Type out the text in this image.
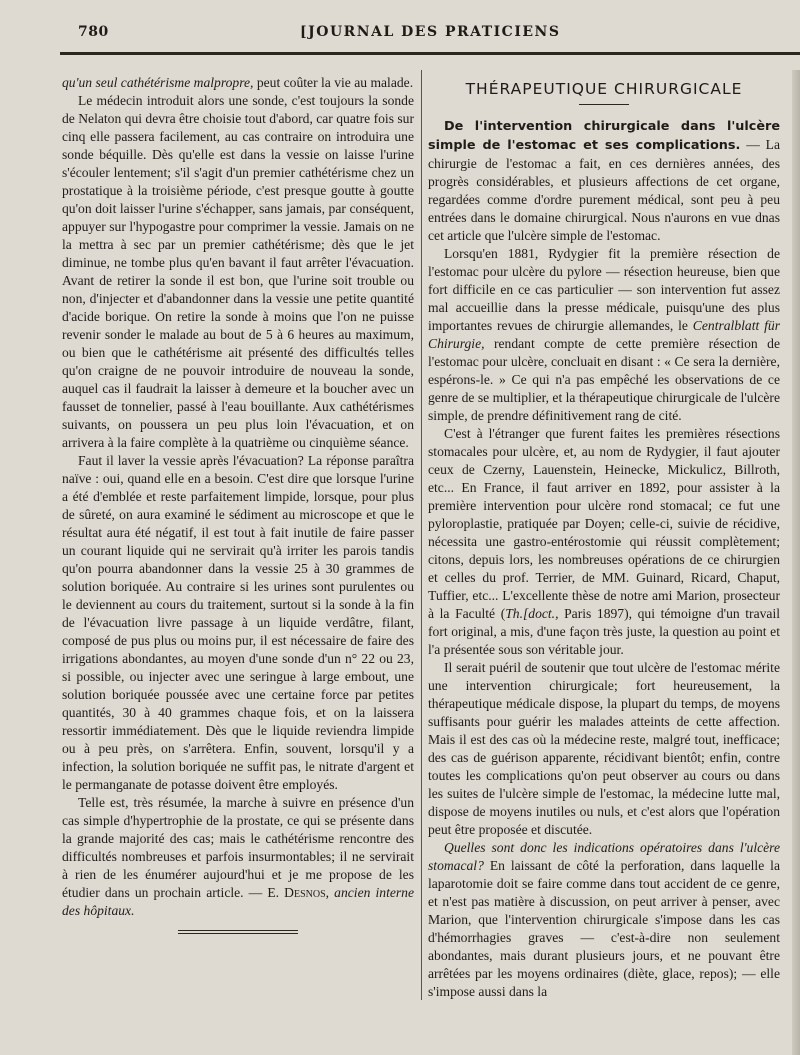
780	[JOURNAL DES PRATICIENS

qu'un seul cathétérisme malpropre, peut coûter la vie au malade.

Le médecin introduit alors une sonde, c'est toujours la sonde de Nelaton qui devra être choisie tout d'abord, car quatre fois sur cinq elle passera facilement, au cas contraire on introduira une sonde béquille. Dès qu'elle est dans la vessie on laisse l'urine s'écouler lentement; s'il s'agit d'un premier cathétérisme chez un prostatique à la troisième période, c'est presque goutte à goutte qu'on doit laisser l'urine s'échapper, sans jamais, par conséquent, appuyer sur l'hypogastre pour comprimer la vessie. Jamais on ne la mettra à sec par un premier cathétérisme; dès que le jet diminue, ne tombe plus qu'en bavant il faut arrêter l'évacuation. Avant de retirer la sonde il est bon, que l'urine soit trouble ou non, d'injecter et d'abandonner dans la vessie une petite quantité d'acide borique. On retire la sonde à moins que l'on ne puisse revenir sonder le malade au bout de 5 à 6 heures au maximum, ou bien que le cathétérisme ait présenté des difficultés telles qu'on craigne de ne pouvoir introduire de nouveau la sonde, auquel cas il faudrait la laisser à demeure et la boucher avec un fausset de tonnelier, passé à l'eau bouillante. Aux cathétérismes suivants, on poussera un peu plus loin l'évacuation, et on arrivera à la faire complète à la quatrième ou cinquième séance.

Faut il laver la vessie après l'évacuation? La réponse paraîtra naïve : oui, quand elle en a besoin. C'est dire que lorsque l'urine a été d'emblée et reste parfaitement limpide, lorsque, pour plus de sûreté, on aura examiné le sédiment au microscope et que le résultat aura été négatif, il est tout à fait inutile de faire passer un courant liquide qui ne servirait qu'à irriter les parois tandis qu'on pourra abandonner dans la vessie 25 à 30 grammes de solution boriquée. Au contraire si les urines sont purulentes ou le deviennent au cours du traitement, surtout si la sonde à la fin de l'évacuation livre passage à un liquide verdâtre, filant, composé de pus plus ou moins pur, il est nécessaire de faire des irrigations abondantes, au moyen d'une sonde d'un n° 22 ou 23, si possible, ou injecter avec une seringue à large embout, une solution boriquée poussée avec une certaine force par petites quantités, 30 à 40 grammes chaque fois, et on la laissera ressortir immédiatement. Dès que le liquide reviendra limpide ou à peu près, on s'arrêtera. Enfin, souvent, lorsqu'il y a infection, la solution boriquée ne suffit pas, le nitrate d'argent et le permanganate de potasse doivent être employés.

Telle est, très résumée, la marche à suivre en présence d'un cas simple d'hypertrophie de la prostate, ce qui se présente dans la grande majorité des cas; mais le cathétérisme rencontre des difficultés nombreuses et parfois insurmontables; il ne servirait à rien de les énumérer aujourd'hui et je me propose de les étudier dans un prochain article. — E. Desnos, ancien interne des hôpitaux.

THÉRAPEUTIQUE CHIRURGICALE

De l'intervention chirurgicale dans l'ulcère simple de l'estomac et ses complications. — La chirurgie de l'estomac a fait, en ces dernières années, des progrès considérables, et plusieurs affections de cet organe, regardées comme d'ordre purement médical, sont peu à peu entrées dans le domaine chirurgical. Nous n'aurons en vue dnas cet article que l'ulcère simple de l'estomac.

Lorsqu'en 1881, Rydygier fit la première résection de l'estomac pour ulcère du pylore — résection heureuse, bien que fort difficile en ce cas particulier — son intervention fut assez mal accueillie dans la presse médicale, puisqu'une des plus importantes revues de chirurgie allemandes, le Centralblatt für Chirurgie, rendant compte de cette première résection de l'estomac pour ulcère, concluait en disant : « Ce sera la dernière, espérons-le. » Ce qui n'a pas empêché les observations de ce genre de se multiplier, et la thérapeutique chirurgicale de l'ulcère simple, de prendre définitivement rang de cité.

C'est à l'étranger que furent faites les premières résections stomacales pour ulcère, et, au nom de Rydygier, il faut ajouter ceux de Czerny, Lauenstein, Heinecke, Mickulicz, Billroth, etc... En France, il faut arriver en 1892, pour assister à la première intervention pour ulcère rond stomacal; ce fut une pyloroplastie, pratiquée par Doyen; celle-ci, suivie de récidive, nécessita une gastro-entérostomie qui réussit complètement; citons, depuis lors, les nombreuses opérations de ce chirurgien et celles du prof. Terrier, de MM. Guinard, Ricard, Chaput, Tuffier, etc... L'excellente thèse de notre ami Marion, prosecteur à la Faculté (Th.[doct., Paris 1897), qui témoigne d'un travail fort original, a mis, d'une façon très juste, la question au point et l'a présentée sous son véritable jour.

Il serait puéril de soutenir que tout ulcère de l'estomac mérite une intervention chirurgicale; fort heureusement, la thérapeutique médicale dispose, la plupart du temps, de moyens suffisants pour guérir les malades atteints de cette affection. Mais il est des cas où la médecine reste, malgré tout, inefficace; des cas de guérison apparente, récidivant bientôt; enfin, contre toutes les complications qu'on peut observer au cours ou dans les suites de l'ulcère simple de l'estomac, la médecine lutte mal, dispose de moyens inutiles ou nuls, et c'est alors que l'opération peut être proposée et discutée.

Quelles sont donc les indications opératoires dans l'ulcère stomacal? En laissant de côté la perforation, dans laquelle la laparotomie doit se faire comme dans tout accident de ce genre, et n'est pas matière à discussion, on peut arriver à penser, avec Marion, que l'intervention chirurgicale s'impose dans les cas d'hémorrhagies graves — c'est-à-dire non seulement abondantes, mais durant plusieurs jours, et ne pouvant être arrêtées par les moyens ordinaires (diète, glace, repos); — elle s'impose aussi dans la
